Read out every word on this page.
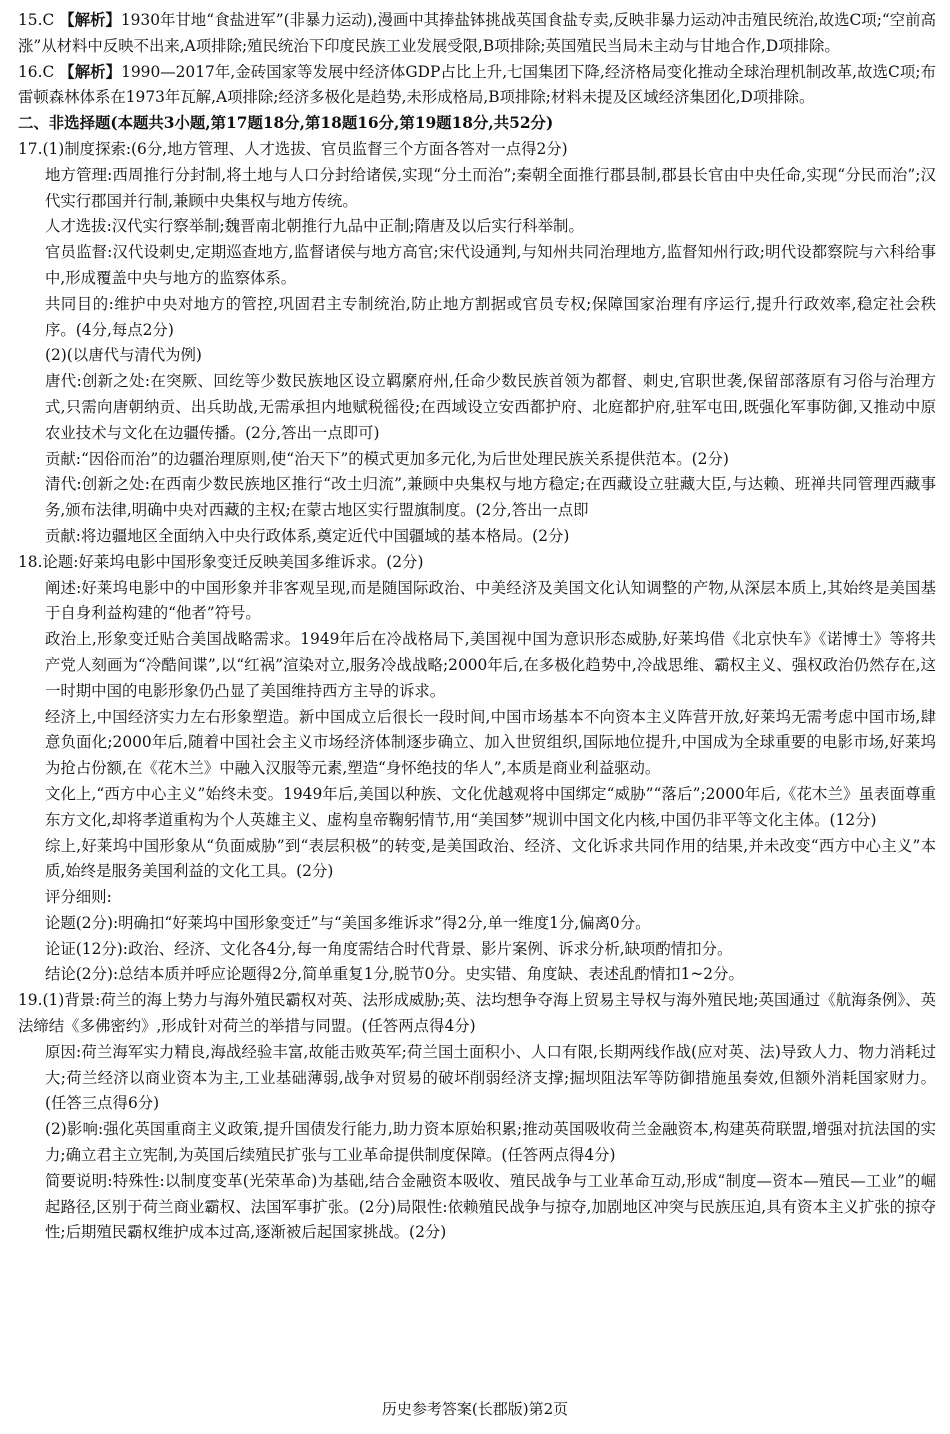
15.C 【解析】1930年甘地“食盐进军”(非暴力运动),漫画中其捧盐钵挑战英国食盐专卖,反映非暴力运动冲击殖民统治,故选C项;“空前高涨”从材料中反映不出来,A项排除;殖民统治下印度民族工业发展受限,B项排除;英国殖民当局未主动与甘地合作,D项排除。

16.C 【解析】1990—2017年,金砖国家等发展中经济体GDP占比上升,七国集团下降,经济格局变化推动全球治理机制改革,故选C项;布雷顿森林体系在1973年瓦解,A项排除;经济多极化是趋势,未形成格局,B项排除;材料未提及区域经济集团化,D项排除。

二、非选择题(本题共3小题,第17题18分,第18题16分,第19题18分,共52分)

17.(1)制度探索:(6分,地方管理、人才选拔、官员监督三个方面各答对一点得2分)

地方管理:西周推行分封制,将土地与人口分封给诸侯,实现“分土而治”;秦朝全面推行郡县制,郡县长官由中央任命,实现“分民而治”;汉代实行郡国并行制,兼顾中央集权与地方传统。

人才选拔:汉代实行察举制;魏晋南北朝推行九品中正制;隋唐及以后实行科举制。

官员监督:汉代设刺史,定期巡查地方,监督诸侯与地方高官;宋代设通判,与知州共同治理地方,监督知州行政;明代设都察院与六科给事中,形成覆盖中央与地方的监察体系。

共同目的:维护中央对地方的管控,巩固君主专制统治,防止地方割据或官员专权;保障国家治理有序运行,提升行政效率,稳定社会秩序。(4分,每点2分)

(2)(以唐代与清代为例)

唐代:创新之处:在突厥、回纥等少数民族地区设立羁縻府州,任命少数民族首领为都督、刺史,官职世袭,保留部落原有习俗与治理方式,只需向唐朝纳贡、出兵助战,无需承担内地赋税徭役;在西域设立安西都护府、北庭都护府,驻军屯田,既强化军事防御,又推动中原农业技术与文化在边疆传播。(2分,答出一点即可)

贡献:“因俗而治”的边疆治理原则,使“治天下”的模式更加多元化,为后世处理民族关系提供范本。(2分)

清代:创新之处:在西南少数民族地区推行“改土归流”,兼顾中央集权与地方稳定;在西藏设立驻藏大臣,与达赖、班禅共同管理西藏事务,颁布法律,明确中央对西藏的主权;在蒙古地区实行盟旗制度。(2分,答出一点即

贡献:将边疆地区全面纳入中央行政体系,奠定近代中国疆域的基本格局。(2分)

18.论题:好莱坞电影中国形象变迁反映美国多维诉求。(2分)

阐述:好莱坞电影中的中国形象并非客观呈现,而是随国际政治、中美经济及美国文化认知调整的产物,从深层本质上,其始终是美国基于自身利益构建的“他者”符号。

政治上,形象变迁贴合美国战略需求。1949年后在冷战格局下,美国视中国为意识形态威胁,好莱坞借《北京快车》《诺博士》等将共产党人刻画为“冷酷间谍”,以“红祸”渲染对立,服务冷战战略;2000年后,在多极化趋势中,冷战思维、霸权主义、强权政治仍然存在,这一时期中国的电影形象仍凸显了美国维持西方主导的诉求。

经济上,中国经济实力左右形象塑造。新中国成立后很长一段时间,中国市场基本不向资本主义阵营开放,好莱坞无需考虑中国市场,肆意负面化;2000年后,随着中国社会主义市场经济体制逐步确立、加入世贸组织,国际地位提升,中国成为全球重要的电影市场,好莱坞为抢占份额,在《花木兰》中融入汉服等元素,塑造“身怀绝技的华人”,本质是商业利益驱动。

文化上,“西方中心主义”始终未变。1949年后,美国以种族、文化优越观将中国绑定“威胁”“落后”;2000年后,《花木兰》虽表面尊重东方文化,却将孝道重构为个人英雄主义、虚构皇帝鞠躬情节,用“美国梦”规训中国文化内核,中国仍非平等文化主体。(12分)

综上,好莱坞中国形象从“负面威胁”到“表层积极”的转变,是美国政治、经济、文化诉求共同作用的结果,并未改变“西方中心主义”本质,始终是服务美国利益的文化工具。(2分)

评分细则:

论题(2分):明确扣“好莱坞中国形象变迁”与“美国多维诉求”得2分,单一维度1分,偏离0分。

论证(12分):政治、经济、文化各4分,每一角度需结合时代背景、影片案例、诉求分析,缺项酌情扣分。

结论(2分):总结本质并呼应论题得2分,简单重复1分,脱节0分。史实错、角度缺、表述乱酌情扣1~2分。

19.(1)背景:荷兰的海上势力与海外殖民霸权对英、法形成威胁;英、法均想争夺海上贸易主导权与海外殖民地;英国通过《航海条例》、英法缔结《多佛密约》,形成针对荷兰的举措与同盟。(任答两点得4分)

原因:荷兰海军实力精良,海战经验丰富,故能击败英军;荷兰国土面积小、人口有限,长期两线作战(应对英、法)导致人力、物力消耗过大;荷兰经济以商业资本为主,工业基础薄弱,战争对贸易的破坏削弱经济支撑;掘坝阻法军等防御措施虽奏效,但额外消耗国家财力。(任答三点得6分)

(2)影响:强化英国重商主义政策,提升国债发行能力,助力资本原始积累;推动英国吸收荷兰金融资本,构建英荷联盟,增强对抗法国的实力;确立君主立宪制,为英国后续殖民扩张与工业革命提供制度保障。(任答两点得4分)

简要说明:特殊性:以制度变革(光荣革命)为基础,结合金融资本吸收、殖民战争与工业革命互动,形成“制度—资本—殖民—工业”的崛起路径,区别于荷兰商业霸权、法国军事扩张。(2分)局限性:依赖殖民战争与掠夺,加剧地区冲突与民族压迫,具有资本主义扩张的掠夺性;后期殖民霸权维护成本过高,逐渐被后起国家挑战。(2分)

历史参考答案(长郡版)第2页
